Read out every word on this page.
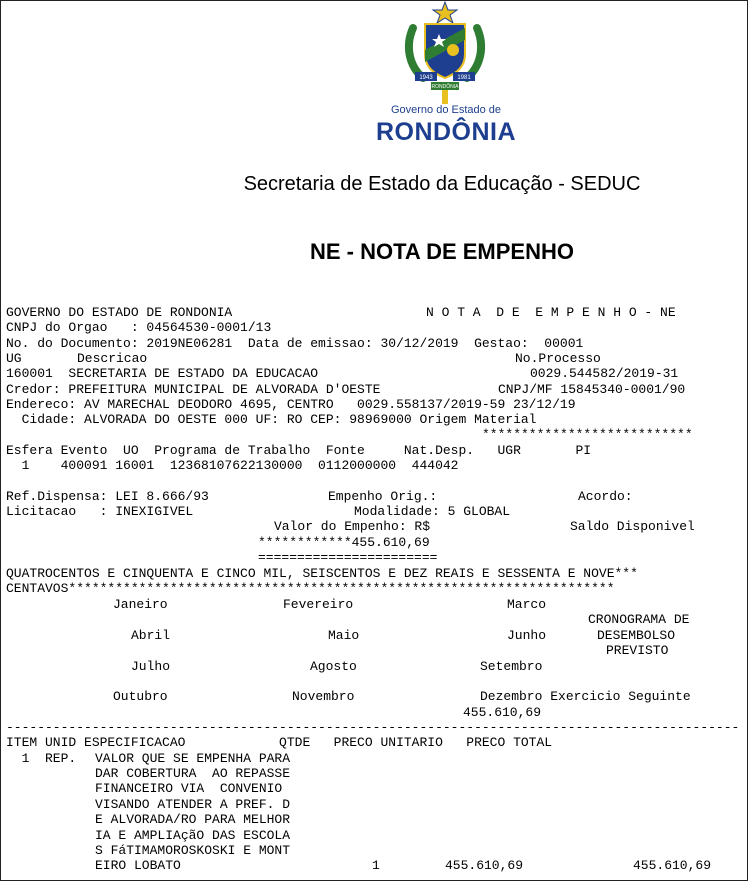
1943	1981
RONDÔNIA
Governo do Estado de
RONDÔNIA
Secretaria de Estado da Educação - SEDUC
NE - NOTA DE EMPENHO
GOVERNO DO ESTADO DE RONDONIA	N O T A  D E  E M P E N H O - NE
CNPJ do Orgao   : 04564530-0001/13
No. do Documento: 2019NE06281  Data de emissao: 30/12/2019  Gestao:  00001
UG	Descricao	No.Processo
160001  SECRETARIA DE ESTADO DA EDUCACAO	0029.544582/2019-31
Credor: PREFEITURA MUNICIPAL DE ALVORADA D'OESTE	CNPJ/MF 15845340-0001/90
Endereco: AV MARECHAL DEODORO 4695, CENTRO   0029.558137/2019-59 23/12/19
Cidade: ALVORADA DO OESTE 000 UF: RO CEP: 98969000 Origem Material
***************************
Esfera Evento  UO  Programa de Trabalho  Fonte     Nat.Desp.   UGR       PI
1    400091 16001  12368107622130000  0112000000  444042
Ref.Dispensa: LEI 8.666/93	Empenho Orig.:	Acordo:
Licitacao   : INEXIGIVEL	Modalidade: 5 GLOBAL
Valor do Empenho: R$	Saldo Disponivel
************455.610,69
=======================
QUATROCENTOS E CINQUENTA E CINCO MIL, SEISCENTOS E DEZ REAIS E SESSENTA E NOVE***
CENTAVOS**********************************************************************
Janeiro	Fevereiro	Marco
CRONOGRAMA DE
Abril	Maio	Junho	DESEMBOLSO
PREVISTO
Julho	Agosto	Setembro
Outubro	Novembro	Dezembro Exercicio Seguinte
455.610,69
----------------------------------------------------------------------------------------------
ITEM UNID ESPECIFICACAO            QTDE   PRECO UNITARIO   PRECO TOTAL
1  REP. VALOR QUE SE EMPENHA PARA
DAR COBERTURA  AO REPASSE
FINANCEIRO VIA  CONVENIO
VISANDO ATENDER A PREF. D
E ALVORADA/RO PARA MELHOR
IA E AMPLIAçãO DAS ESCOLA
S FáTIMAMOROSKOSKI E MONT
EIRO LOBATO	1	455.610,69	455.610,69
